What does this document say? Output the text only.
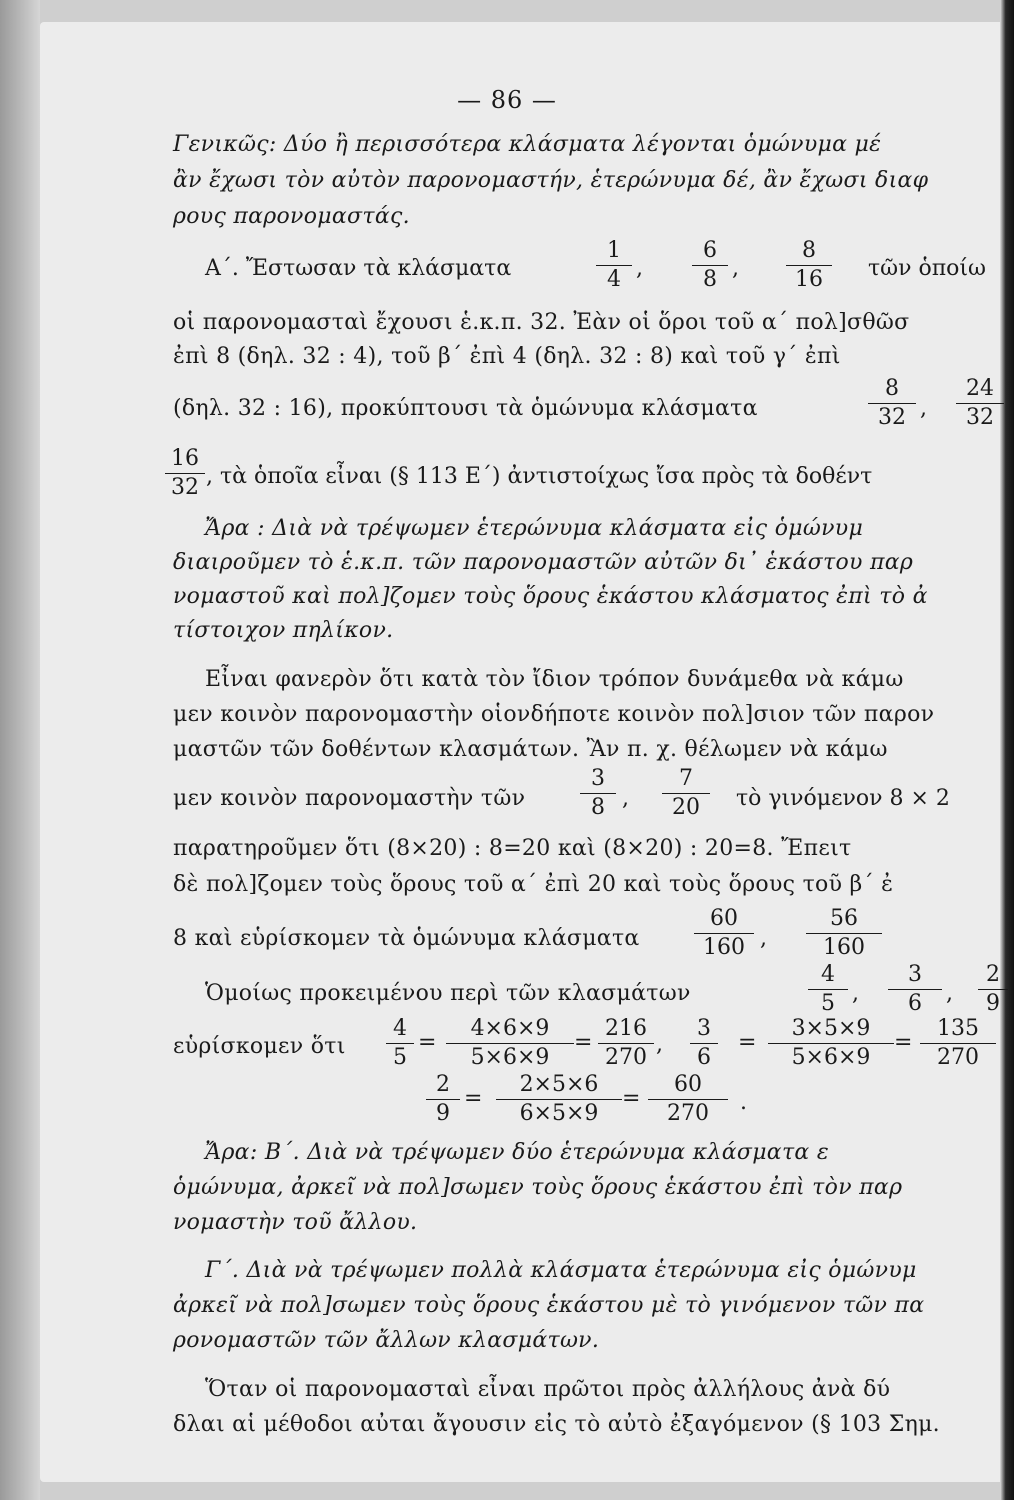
— 86 —
Γενικῶς: Δύο ἢ περισσότερα κλάσματα λέγονται ὁμώνυμα μέ
ἂν ἔχωσι τὸν αὐτὸν παρονομαστήν, ἑτερώνυμα δέ, ἂν ἔχωσι διαφ
ρους παρονομαστάς.
Α΄. Ἔστωσαν τὰ κλάσματα
1
4 ,
6
8 ,
8
16	τῶν ὁποίω
οἱ παρονομασταὶ ἔχουσι ἑ.κ.π. 32. Ἐὰν οἱ ὅροι τοῦ α΄ πολ]σθῶσ
ἐπὶ 8 (δηλ. 32 : 4), τοῦ β΄ ἐπὶ 4 (δηλ. 32 : 8) καὶ τοῦ γ΄ ἐπὶ
(δηλ. 32 : 16), προκύπτουσι τὰ ὁμώνυμα κλάσματα
8
32 ,
24
32
16
32 , τὰ ὁποῖα εἶναι (§ 113 Ε΄) ἀντιστοίχως ἴσα πρὸς τὰ δοθέντ
Ἄρα : Διὰ νὰ τρέψωμεν ἑτερώνυμα κλάσματα εἰς ὁμώνυμ
διαιροῦμεν τὸ ἑ.κ.π. τῶν παρονομαστῶν αὐτῶν δι᾽ ἑκάστου παρ
νομαστοῦ καὶ πολ]ζομεν τοὺς ὅρους ἑκάστου κλάσματος ἐπὶ τὸ ἀ
τίστοιχον πηλίκον.
Εἶναι φανερὸν ὅτι κατὰ τὸν ἴδιον τρόπον δυνάμεθα νὰ κάμω
μεν κοινὸν παρονομαστὴν οἱονδήποτε κοινὸν πολ]σιον τῶν παρον
μαστῶν τῶν δοθέντων κλασμάτων. Ἂν π. χ. θέλωμεν νὰ κάμω
μεν κοινὸν παρονομαστὴν τῶν
3
8 ,
7
20	τὸ γινόμενον 8 × 2
παρατηροῦμεν ὅτι (8×20) : 8=20 καὶ (8×20) : 20=8. Ἔπειτ
δὲ πολ]ζομεν τοὺς ὅρους τοῦ α΄ ἐπὶ 20 καὶ τοὺς ὅρους τοῦ β΄ ἐ
8 καὶ εὑρίσκομεν τὰ ὁμώνυμα κλάσματα
60
160 ,
56
160
Ὁμοίως προκειμένου περὶ τῶν κλασμάτων
4
5 ,
3
6	,
2
9
εὑρίσκομεν ὅτι
4
5
=
4×6×9
5×6×9
=
216
270
,
3
6
=
3×5×9
5×6×9
=
135
270
2
9
=
2×5×6
6×5×9
=
60
270	.
Ἄρα: Β΄. Διὰ νὰ τρέψωμεν δύο ἑτερώνυμα κλάσματα ε
ὁμώνυμα, ἀρκεῖ νὰ πολ]σωμεν τοὺς ὅρους ἑκάστου ἐπὶ τὸν παρ
νομαστὴν τοῦ ἄλλου.
Γ΄. Διὰ νὰ τρέψωμεν πολλὰ κλάσματα ἑτερώνυμα εἰς ὁμώνυμ
ἀρκεῖ νὰ πολ]σωμεν τοὺς ὅρους ἑκάστου μὲ τὸ γινόμενον τῶν πα
ρονομαστῶν τῶν ἄλλων κλασμάτων.
Ὅταν οἱ παρονομασταὶ εἶναι πρῶτοι πρὸς ἀλλήλους ἀνὰ δύ
δλαι αἱ μέθοδοι αὐται ἄγουσιν εἰς τὸ αὐτὸ ἐξαγόμενον (§ 103 Σημ.
